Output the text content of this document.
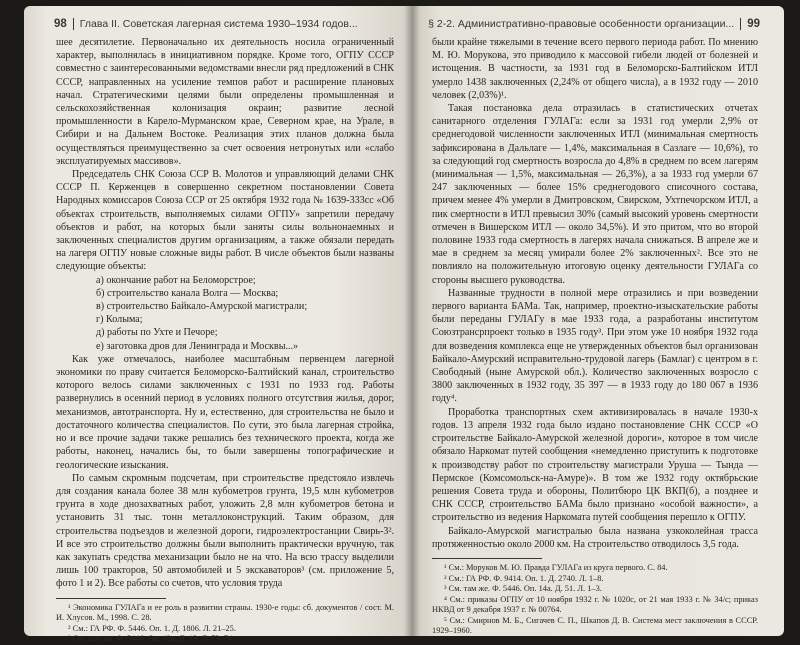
98 Глава II. Советская лагерная система 1930–1934 годов...

шее десятилетие. Первоначально их деятельность носила ограниченный характер, выполнялась в инициативном порядке. Кроме того, ОГПУ СССР совместно с заинтересованными ведомствами внесли ряд предложений в СНК СССР, направленных на усиление темпов работ и расширение плановых начал. Стратегическими целями были определены промышленная и сельскохозяйственная колонизация окраин; развитие лесной промышленности в Карело-Мурманском крае, Северном крае, на Урале, в Сибири и на Дальнем Востоке. Реализация этих планов должна была осуществляться преимущественно за счет освоения нетронутых или «слабо эксплуатируемых массивов».

Председатель СНК Союза ССР В. Молотов и управляющий делами СНК СССР П. Керженцев в совершенно секретном постановлении Совета Народных комиссаров Союза ССР от 25 октября 1932 года № 1639-333сс «Об объектах строительств, выполняемых силами ОГПУ» запретили передачу объектов и работ, на которых были заняты силы вольнонаемных и заключенных специалистов другим организациям, а также обязали передать на лагеря ОГПУ новые сложные виды работ. В числе объектов были названы следующие объекты:

а) окончание работ на Беломорстрое;
б) строительство канала Волга — Москва;
в) строительство Байкало-Амурской магистрали;
г) Колыма;
д) работы по Ухте и Печоре;
е) заготовка дров для Ленинграда и Москвы...»

Как уже отмечалось, наиболее масштабным первенцем лагерной экономики по праву считается Беломорско-Балтийский канал, строительство которого велось силами заключенных с 1931 по 1933 год. Работы развернулись в осенний период в условиях полного отсутствия жилья, дорог, механизмов, автотранспорта. Ну и, естественно, для строительства не было и достаточного количества специалистов. По сути, это была лагерная стройка, но и все прочие задачи также решались без технического проекта, когда же работы, наконец, начались бы, то были завершены топографические и геологические изыскания.

По самым скромным подсчетам, при строительстве предстояло извлечь для создания канала более 38 млн кубометров грунта, 19,5 млн кубометров грунта в ходе днозахватных работ, уложить 2,8 млн кубометров бетона и установить 31 тыс. тонн металлоконструкций. Таким образом, для строительства подъездов и железной дороги, гидроэлектростанции Свирь-3². И все это строительство должны были выполнить практически вручную, так как закупать средства механизации было не на что. На всю трассу выделили лишь 100 тракторов, 50 автомобилей и 5 экскаваторов³ (см. приложение 5, фото 1 и 2). Все работы со счетов, что условия труда

¹ Экономика ГУЛАГа и ее роль в развитии страны. 1930-е годы: сб. документов / сост. М. И. Хлусов. М., 1998. С. 28.
² См.: ГА РФ. Ф. 5446. Оп. 1. Д. 1806. Л. 21–25.
³ См. там же. Ф. 5446. Оп. 12а. Д. 13. Л. 73–74.
§ 2-2. Административно-правовые особенности организации... 99

были крайне тяжелыми в течение всего первого периода работ. По мнению М. Ю. Морукова, это приводило к массовой гибели людей от болезней и истощения. В частности, за 1931 год в Беломорско-Балтийском ИТЛ умерло 1438 заключенных (2,24% от общего числа), а в 1932 году — 2010 человек (2,03%)¹.

Такая постановка дела отразилась в статистических отчетах санитарного отделения ГУЛАГа: если за 1931 год умерли 2,9% от среднегодовой численности заключенных ИТЛ (минимальная смертность зафиксирована в Дальлаге — 1,4%, максимальная в Сазлаге — 10,6%), то за следующий год смертность возросла до 4,8% в среднем по всем лагерям (минимальная — 1,5%, максимальная — 26,3%), а за 1933 год умерли 67 247 заключенных — более 15% среднегодового списочного состава, причем менее 4% умерли в Дмитровском, Свирском, Ухтпечорском ИТЛ, а пик смертности в ИТЛ превысил 30% (самый высокий уровень смертности отмечен в Вишерском ИТЛ — около 34,5%). И это притом, что во второй половине 1933 года смертность в лагерях начала снижаться. В апреле же и мае в среднем за месяц умирали более 2% заключенных². Все это не повлияло на положительную итоговую оценку деятельности ГУЛАГа со стороны высшего руководства.

Названные трудности в полной мере отразились и при возведении первого варианта БАМа. Так, например, проектно-изыскательские работы были переданы ГУЛАГу в мае 1933 года, а разработаны институтом Союзтрансрпроект только в 1935 году³. При этом уже 10 ноября 1932 года для возведения комплекса еще не утвержденных объектов был организован Байкало-Амурский исправительно-трудовой лагерь (Бамлаг) с центром в г. Свободный (ныне Амурской обл.). Количество заключенных возросло с 3800 заключенных в 1932 году, 35 397 — в 1933 году до 180 067 в 1936 году⁴.

Проработка транспортных схем активизировалась в начале 1930-х годов. 13 апреля 1932 года было издано постановление СНК СССР «О строительстве Байкало-Амурской железной дороги», которое в том числе обязало Наркомат путей сообщения «немедленно приступить к подготовке к производству работ по строительству магистрали Уруша — Тында — Пермское (Комсомольск-на-Амуре)». В том же 1932 году октябрьские решения Совета труда и обороны, Политбюро ЦК ВКП(б), а позднее и СНК СССР, строительство БАМа было признано «особой важности», а строительство из ведения Наркомата путей сообщения перешло к ОГПУ.

Байкало-Амурской магистралью была названа узкоколейная трасса протяженностью около 2000 км. На строительство отводилось 3,5 года.

¹ См.: Моруков М. Ю. Правда ГУЛАГа из круга первого. С. 84.
² См.: ГА РФ. Ф. 9414. Оп. 1. Д. 2740. Л. 1–8.
³ См. там же. Ф. 5446. Оп. 14а. Д. 51. Л. 1–3.
⁴ См.: приказы ОГПУ от 10 ноября 1932 г. № 1020с, от 21 мая 1933 г. № 34/с; приказ НКВД от 9 декабря 1937 г. № 00764.
⁵ См.: Смирнов М. Б., Сигачев С. П., Шкапов Д. В. Система мест заключения в СССР. 1929–1960.
